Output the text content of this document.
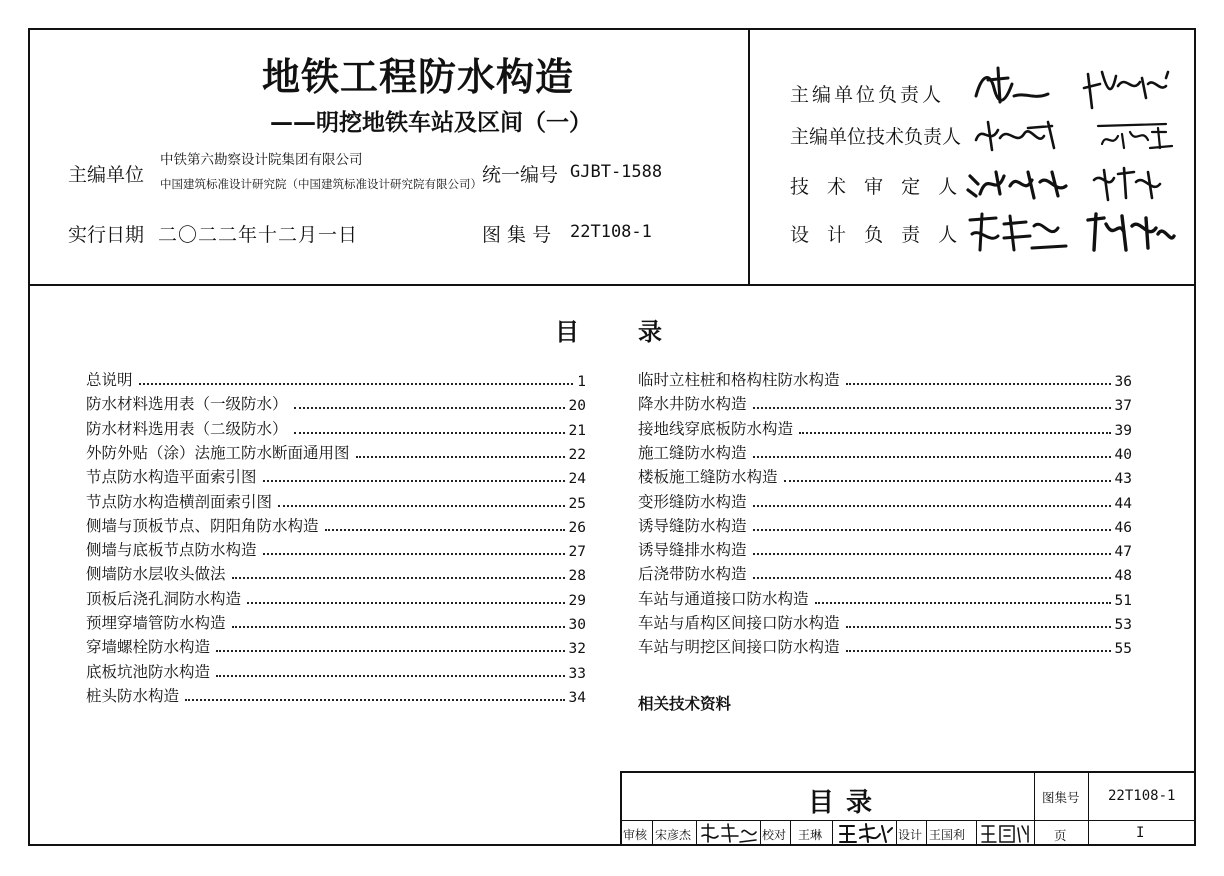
地铁工程防水构造
——明挖地铁车站及区间（一）
主编单位
中铁第六勘察设计院集团有限公司
中国建筑标准设计研究院（中国建筑标准设计研究院有限公司） 统一编号 GJBT-1588
实行日期 二〇二二年十二月一日	图 集 号 22T108-1
主编单位负责人
主编单位技术负责人
技 术 审 定 人
设 计 负 责 人
目 录
总说明	1
防水材料选用表（一级防水）	20
防水材料选用表（二级防水）	21
外防外贴（涂）法施工防水断面通用图	22
节点防水构造平面索引图	24
节点防水构造横剖面索引图	25
侧墙与顶板节点、阴阳角防水构造	26
侧墙与底板节点防水构造	27
侧墙防水层收头做法	28
顶板后浇孔洞防水构造	29
预埋穿墙管防水构造	30
穿墙螺栓防水构造	32
底板坑池防水构造	33
桩头防水构造	34
临时立柱桩和格构柱防水构造	36
降水井防水构造	37
接地线穿底板防水构造	39
施工缝防水构造	40
楼板施工缝防水构造	43
变形缝防水构造	44
诱导缝防水构造	46
诱导缝排水构造	47
后浇带防水构造	48
车站与通道接口防水构造	51
车站与盾构区间接口防水构造	53
车站与明挖区间接口防水构造	55
相关技术资料
目录	图集号 22T108-1
页	I
审核 宋彦杰	校对 王琳	设计 王国利
